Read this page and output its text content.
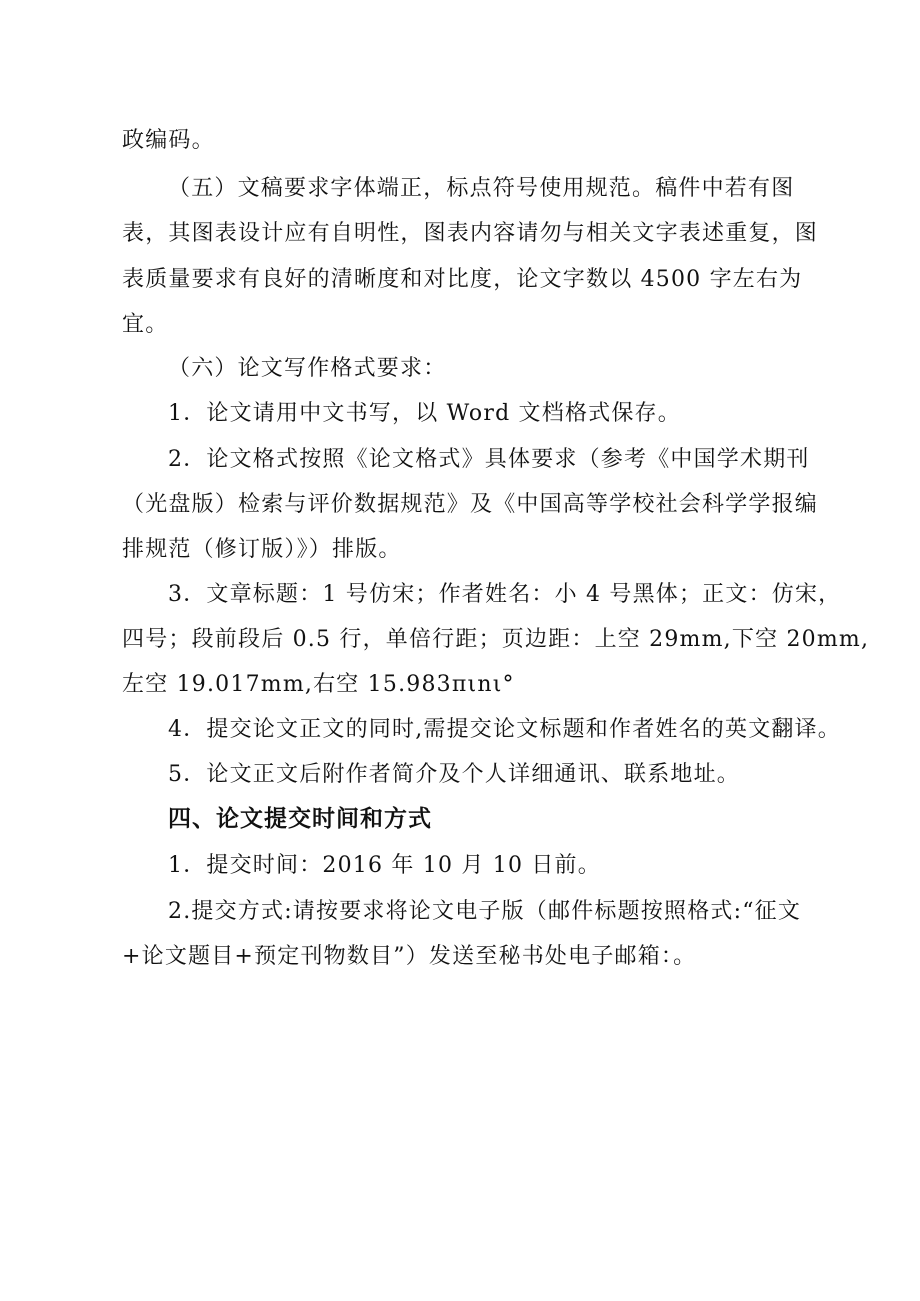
政编码。
（五）文稿要求字体端正，标点符号使用规范。稿件中若有图
表，其图表设计应有自明性，图表内容请勿与相关文字表述重复，图
表质量要求有良好的清晰度和对比度，论文字数以 4500 字左右为
宜。
（六）论文写作格式要求：
1．论文请用中文书写，以 Word 文档格式保存。
2．论文格式按照《论文格式》具体要求（参考《中国学术期刊
（光盘版）检索与评价数据规范》及《中国高等学校社会科学学报编
排规范（修订版）》）排版。
3．文章标题：1 号仿宋；作者姓名：小 4 号黑体；正文：仿宋，
四号；段前段后 0.5 行，单倍行距；页边距：上空 29mm,下空 20mm,
左空 19.017mm,右空 15.983πιnι°
4．提交论文正文的同时,需提交论文标题和作者姓名的英文翻译。
5．论文正文后附作者简介及个人详细通讯、联系地址。
四、论文提交时间和方式
1．提交时间：2016 年 10 月 10 日前。
2.提交方式:请按要求将论文电子版（邮件标题按照格式:“征文
+论文题目+预定刊物数目”）发送至秘书处电子邮箱：。
